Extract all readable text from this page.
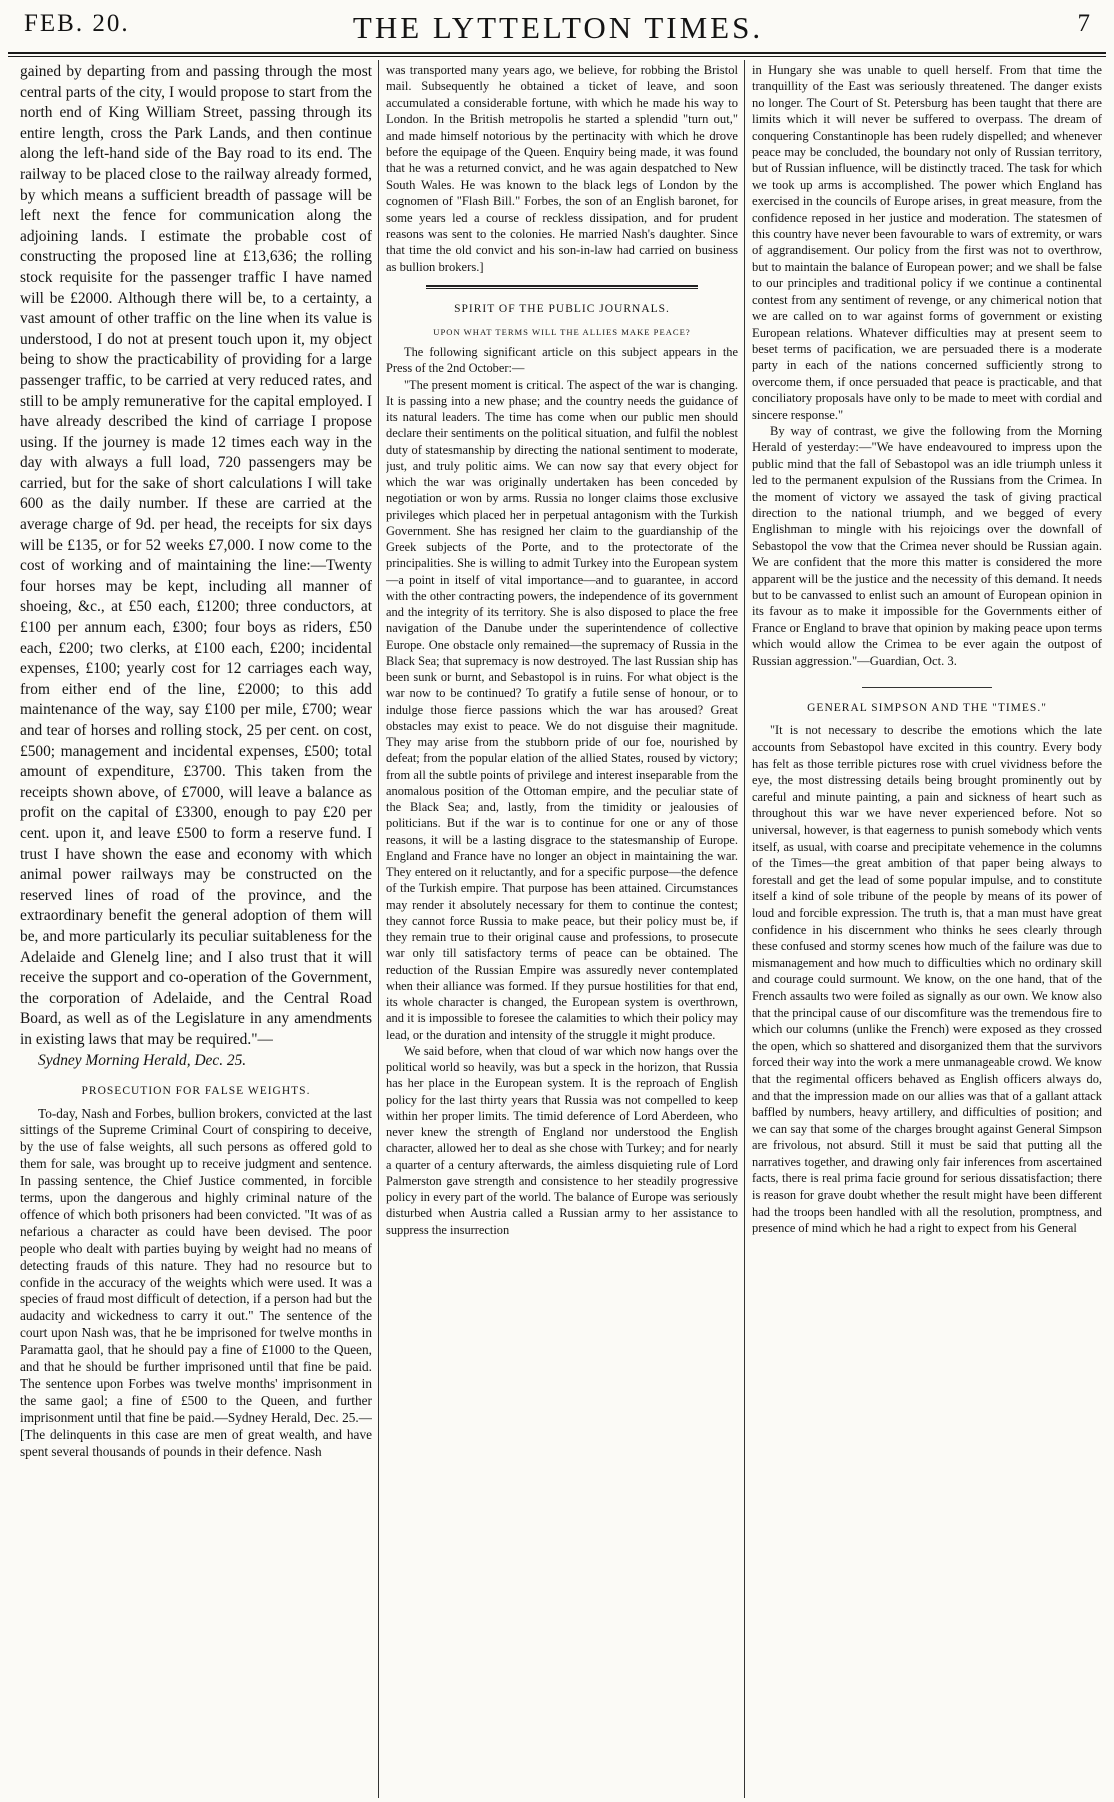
FEB. 20.	THE LYTTELTON TIMES.	7

gained by departing from and passing through the most central parts of the city, I would propose to start from the north end of King William Street, passing through its entire length, cross the Park Lands, and then continue along the left-hand side of the Bay road to its end. The railway to be placed close to the railway already formed, by which means a sufficient breadth of passage will be left next the fence for communication along the adjoining lands. I estimate the probable cost of constructing the proposed line at £13,636; the rolling stock requisite for the passenger traffic I have named will be £2000. Although there will be, to a certainty, a vast amount of other traffic on the line when its value is understood, I do not at present touch upon it, my object being to show the practicability of providing for a large passenger traffic, to be carried at very reduced rates, and still to be amply remunerative for the capital employed. I have already described the kind of carriage I propose using. If the journey is made 12 times each way in the day with always a full load, 720 passengers may be carried, but for the sake of short calculations I will take 600 as the daily number. If these are carried at the average charge of 9d. per head, the receipts for six days will be £135, or for 52 weeks £7,000. I now come to the cost of working and of maintaining the line:—Twenty four horses may be kept, including all manner of shoeing, &c., at £50 each, £1200; three conductors, at £100 per annum each, £300; four boys as riders, £50 each, £200; two clerks, at £100 each, £200; incidental expenses, £100; yearly cost for 12 carriages each way, from either end of the line, £2000; to this add maintenance of the way, say £100 per mile, £700; wear and tear of horses and rolling stock, 25 per cent. on cost, £500; management and incidental expenses, £500; total amount of expenditure, £3700. This taken from the receipts shown above, of £7000, will leave a balance as profit on the capital of £3300, enough to pay £20 per cent. upon it, and leave £500 to form a reserve fund. I trust I have shown the ease and economy with which animal power railways may be constructed on the reserved lines of road of the province, and the extraordinary benefit the general adoption of them will be, and more particularly its peculiar suitableness for the Adelaide and Glenelg line; and I also trust that it will receive the support and co-operation of the Government, the corporation of Adelaide, and the Central Road Board, as well as of the Legislature in any amendments in existing laws that may be required."—

Sydney Morning Herald, Dec. 25.

PROSECUTION FOR FALSE WEIGHTS.

To-day, Nash and Forbes, bullion brokers, convicted at the last sittings of the Supreme Criminal Court of conspiring to deceive, by the use of false weights, all such persons as offered gold to them for sale, was brought up to receive judgment and sentence. In passing sentence, the Chief Justice commented, in forcible terms, upon the dangerous and highly criminal nature of the offence of which both prisoners had been convicted. "It was of as nefarious a character as could have been devised. The poor people who dealt with parties buying by weight had no means of detecting frauds of this nature. They had no resource but to confide in the accuracy of the weights which were used. It was a species of fraud most difficult of detection, if a person had but the audacity and wickedness to carry it out." The sentence of the court upon Nash was, that he be imprisoned for twelve months in Paramatta gaol, that he should pay a fine of £1000 to the Queen, and that he should be further imprisoned until that fine be paid. The sentence upon Forbes was twelve months' imprisonment in the same gaol; a fine of £500 to the Queen, and further imprisonment until that fine be paid.—Sydney Herald, Dec. 25.—[The delinquents in this case are men of great wealth, and have spent several thousands of pounds in their defence. Nash

was transported many years ago, we believe, for robbing the Bristol mail. Subsequently he obtained a ticket of leave, and soon accumulated a considerable fortune, with which he made his way to London. In the British metropolis he started a splendid "turn out," and made himself notorious by the pertinacity with which he drove before the equipage of the Queen. Enquiry being made, it was found that he was a returned convict, and he was again despatched to New South Wales. He was known to the black legs of London by the cognomen of "Flash Bill." Forbes, the son of an English baronet, for some years led a course of reckless dissipation, and for prudent reasons was sent to the colonies. He married Nash's daughter. Since that time the old convict and his son-in-law had carried on business as bullion brokers.]

SPIRIT OF THE PUBLIC JOURNALS.
UPON WHAT TERMS WILL THE ALLIES MAKE PEACE?

The following significant article on this subject appears in the Press of the 2nd October:—

"The present moment is critical. The aspect of the war is changing. It is passing into a new phase; and the country needs the guidance of its natural leaders. The time has come when our public men should declare their sentiments on the political situation, and fulfil the noblest duty of statesmanship by directing the national sentiment to moderate, just, and truly politic aims. We can now say that every object for which the war was originally undertaken has been conceded by negotiation or won by arms. Russia no longer claims those exclusive privileges which placed her in perpetual antagonism with the Turkish Government. She has resigned her claim to the guardianship of the Greek subjects of the Porte, and to the protectorate of the principalities. She is willing to admit Turkey into the European system—a point in itself of vital importance—and to guarantee, in accord with the other contracting powers, the independence of its government and the integrity of its territory. She is also disposed to place the free navigation of the Danube under the superintendence of collective Europe. One obstacle only remained—the supremacy of Russia in the Black Sea; that supremacy is now destroyed. The last Russian ship has been sunk or burnt, and Sebastopol is in ruins. For what object is the war now to be continued? To gratify a futile sense of honour, or to indulge those fierce passions which the war has aroused? Great obstacles may exist to peace. We do not disguise their magnitude. They may arise from the stubborn pride of our foe, nourished by defeat; from the popular elation of the allied States, roused by victory; from all the subtle points of privilege and interest inseparable from the anomalous position of the Ottoman empire, and the peculiar state of the Black Sea; and, lastly, from the timidity or jealousies of politicians. But if the war is to continue for one or any of those reasons, it will be a lasting disgrace to the statesmanship of Europe. England and France have no longer an object in maintaining the war. They entered on it reluctantly, and for a specific purpose—the defence of the Turkish empire. That purpose has been attained. Circumstances may render it absolutely necessary for them to continue the contest; they cannot force Russia to make peace, but their policy must be, if they remain true to their original cause and professions, to prosecute war only till satisfactory terms of peace can be obtained. The reduction of the Russian Empire was assuredly never contemplated when their alliance was formed. If they pursue hostilities for that end, its whole character is changed, the European system is overthrown, and it is impossible to foresee the calamities to which their policy may lead, or the duration and intensity of the struggle it might produce.

We said before, when that cloud of war which now hangs over the political world so heavily, was but a speck in the horizon, that Russia has her place in the European system. It is the reproach of English policy for the last thirty years that Russia was not compelled to keep within her proper limits. The timid deference of Lord Aberdeen, who never knew the strength of England nor understood the English character, allowed her to deal as she chose with Turkey; and for nearly a quarter of a century afterwards, the aimless disquieting rule of Lord Palmerston gave strength and consistence to her steadily progressive policy in every part of the world. The balance of Europe was seriously disturbed when Austria called a Russian army to her assistance to suppress the insurrection

in Hungary she was unable to quell herself. From that time the tranquillity of the East was seriously threatened. The danger exists no longer. The Court of St. Petersburg has been taught that there are limits which it will never be suffered to overpass. The dream of conquering Constantinople has been rudely dispelled; and whenever peace may be concluded, the boundary not only of Russian territory, but of Russian influence, will be distinctly traced. The task for which we took up arms is accomplished. The power which England has exercised in the councils of Europe arises, in great measure, from the confidence reposed in her justice and moderation. The statesmen of this country have never been favourable to wars of extremity, or wars of aggrandisement. Our policy from the first was not to overthrow, but to maintain the balance of European power; and we shall be false to our principles and traditional policy if we continue a continental contest from any sentiment of revenge, or any chimerical notion that we are called on to war against forms of government or existing European relations. Whatever difficulties may at present seem to beset terms of pacification, we are persuaded there is a moderate party in each of the nations concerned sufficiently strong to overcome them, if once persuaded that peace is practicable, and that conciliatory proposals have only to be made to meet with cordial and sincere response."

By way of contrast, we give the following from the Morning Herald of yesterday:—"We have endeavoured to impress upon the public mind that the fall of Sebastopol was an idle triumph unless it led to the permanent expulsion of the Russians from the Crimea. In the moment of victory we assayed the task of giving practical direction to the national triumph, and we begged of every Englishman to mingle with his rejoicings over the downfall of Sebastopol the vow that the Crimea never should be Russian again. We are confident that the more this matter is considered the more apparent will be the justice and the necessity of this demand. It needs but to be canvassed to enlist such an amount of European opinion in its favour as to make it impossible for the Governments either of France or England to brave that opinion by making peace upon terms which would allow the Crimea to be ever again the outpost of Russian aggression."—Guardian, Oct. 3.

GENERAL SIMPSON AND THE "TIMES."

"It is not necessary to describe the emotions which the late accounts from Sebastopol have excited in this country. Every body has felt as those terrible pictures rose with cruel vividness before the eye, the most distressing details being brought prominently out by careful and minute painting, a pain and sickness of heart such as throughout this war we have never experienced before. Not so universal, however, is that eagerness to punish somebody which vents itself, as usual, with coarse and precipitate vehemence in the columns of the Times—the great ambition of that paper being always to forestall and get the lead of some popular impulse, and to constitute itself a kind of sole tribune of the people by means of its power of loud and forcible expression. The truth is, that a man must have great confidence in his discernment who thinks he sees clearly through these confused and stormy scenes how much of the failure was due to mismanagement and how much to difficulties which no ordinary skill and courage could surmount. We know, on the one hand, that of the French assaults two were foiled as signally as our own. We know also that the principal cause of our discomfiture was the tremendous fire to which our columns (unlike the French) were exposed as they crossed the open, which so shattered and disorganized them that the survivors forced their way into the work a mere unmanageable crowd. We know that the regimental officers behaved as English officers always do, and that the impression made on our allies was that of a gallant attack baffled by numbers, heavy artillery, and difficulties of position; and we can say that some of the charges brought against General Simpson are frivolous, not absurd. Still it must be said that putting all the narratives together, and drawing only fair inferences from ascertained facts, there is real prima facie ground for serious dissatisfaction; there is reason for grave doubt whether the result might have been different had the troops been handled with all the resolution, promptness, and presence of mind which he had a right to expect from his General
